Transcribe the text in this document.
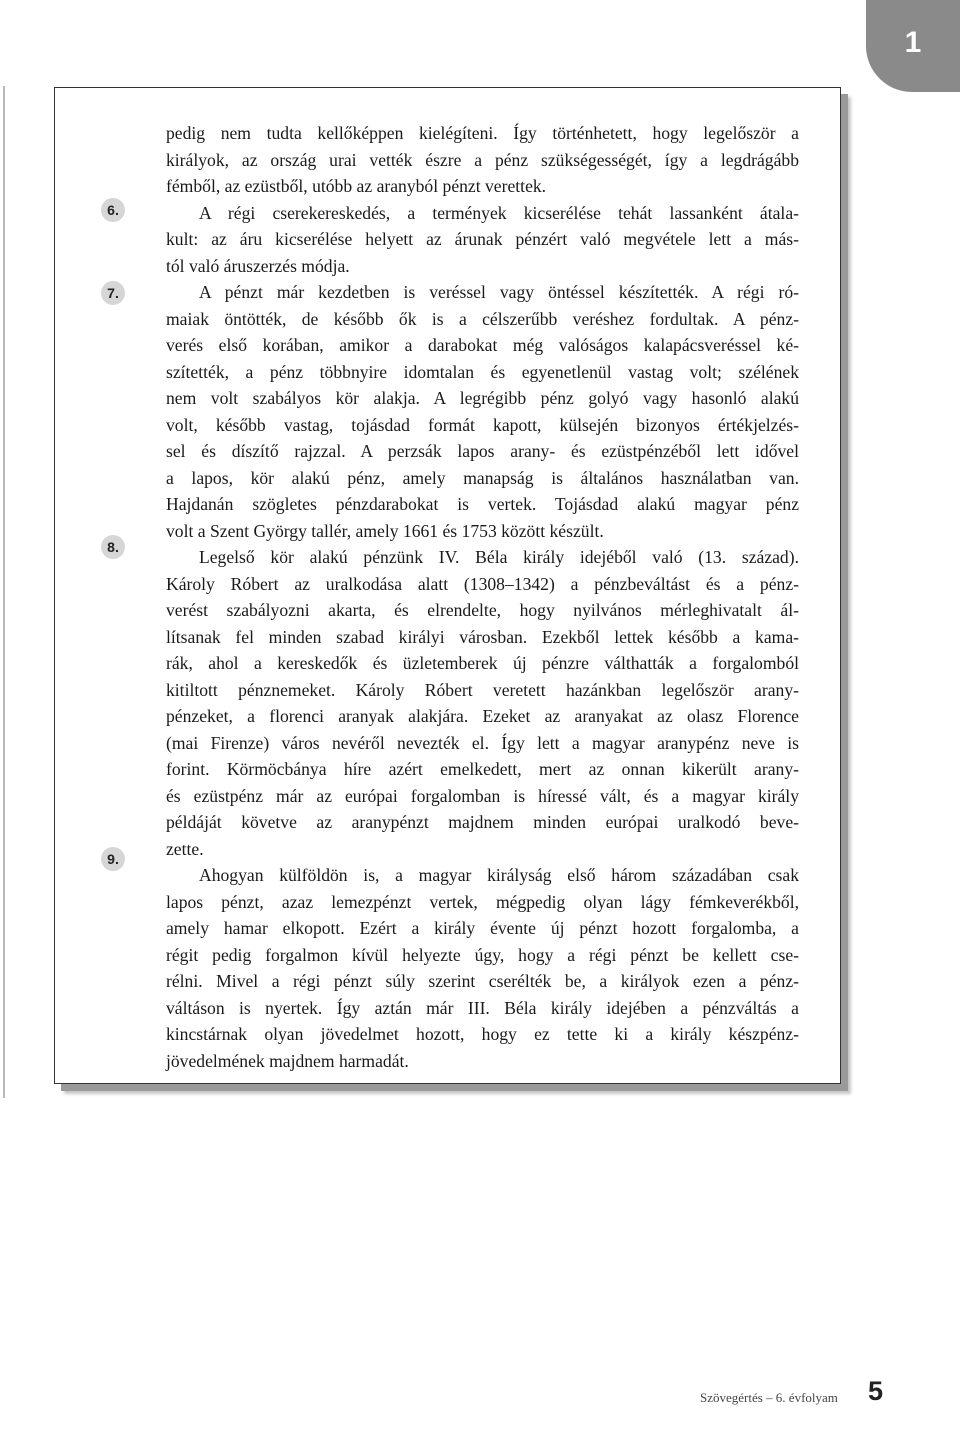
1
6.
7.
8.
9.
pedig nem tudta kellőképpen kielégíteni. Így történhetett, hogy legelőször a
királyok, az ország urai vették észre a pénz szükségességét, így a legdrágább
fémből, az ezüstből, utóbb az aranyból pénzt verettek.
A régi cserekereskedés, a termények kicserélése tehát lassanként átala-
kult: az áru kicserélése helyett az árunak pénzért való megvétele lett a más-
tól való áruszerzés módja.
A pénzt már kezdetben is veréssel vagy öntéssel készítették. A régi ró-
maiak öntötték, de később ők is a célszerűbb veréshez fordultak. A pénz-
verés első korában, amikor a darabokat még valóságos kalapácsveréssel ké-
szítették, a pénz többnyire idomtalan és egyenetlenül vastag volt; szélének
nem volt szabályos kör alakja. A legrégibb pénz golyó vagy hasonló alakú
volt, később vastag, tojásdad formát kapott, külsején bizonyos értékjelzés-
sel és díszítő rajzzal. A perzsák lapos arany- és ezüstpénzéből lett idővel
a lapos, kör alakú pénz, amely manapság is általános használatban van.
Hajdanán szögletes pénzdarabokat is vertek. Tojásdad alakú magyar pénz
volt a Szent György tallér, amely 1661 és 1753 között készült.
Legelső kör alakú pénzünk IV. Béla király idejéből való (13. század).
Károly Róbert az uralkodása alatt (1308–1342) a pénzbeváltást és a pénz-
verést szabályozni akarta, és elrendelte, hogy nyilvános mérleghivatalt ál-
lítsanak fel minden szabad királyi városban. Ezekből lettek később a kama-
rák, ahol a kereskedők és üzletemberek új pénzre válthatták a forgalomból
kitiltott pénznemeket. Károly Róbert veretett hazánkban legelőször arany-
pénzeket, a florenci aranyak alakjára. Ezeket az aranyakat az olasz Florence
(mai Firenze) város nevéről nevezték el. Így lett a magyar aranypénz neve is
forint. Körmöcbánya híre azért emelkedett, mert az onnan kikerült arany-
és ezüstpénz már az európai forgalomban is híressé vált, és a magyar király
példáját követve az aranypénzt majdnem minden európai uralkodó beve-
zette.
Ahogyan külföldön is, a magyar királyság első három századában csak
lapos pénzt, azaz lemezpénzt vertek, mégpedig olyan lágy fémkeverékből,
amely hamar elkopott. Ezért a király évente új pénzt hozott forgalomba, a
régit pedig forgalmon kívül helyezte úgy, hogy a régi pénzt be kellett cse-
rélni. Mivel a régi pénzt súly szerint cserélték be, a királyok ezen a pénz-
váltáson is nyertek. Így aztán már III. Béla király idejében a pénzváltás a
kincstárnak olyan jövedelmet hozott, hogy ez tette ki a király készpénz-
jövedelmének majdnem harmadát.
Szövegértés – 6. évfolyam 5
